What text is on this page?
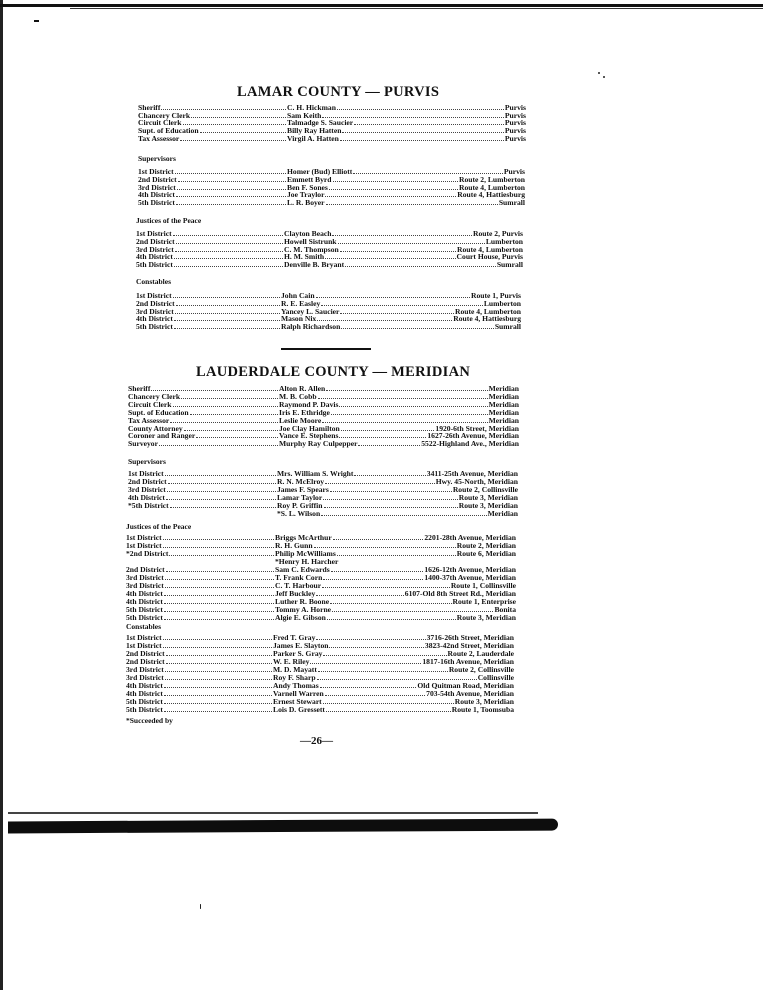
LAMAR COUNTY — PURVIS
Sheriff	C. H. Hickman	Purvis
Chancery Clerk	Sam Keith	Purvis
Circuit Clerk	Talmadge S. Saucier	Purvis
Supt. of Education	Billy Ray Hatten	Purvis
Tax Assessor	Virgil A. Hatten	Purvis
Supervisors
1st District	Homer (Bud) Elliott	Purvis
2nd District	Emmett Byrd	Route 2, Lumberton
3rd District	Ben F. Sones	Route 4, Lumberton
4th District	Joe Traylor	Route 4, Hattiesburg
5th District	L. R. Boyer	Sumrall
Justices of the Peace
1st District	Clayton Beach	Route 2, Purvis
2nd District	Howell Sistrunk	Lumberton
3rd District	C. M. Thompson	Route 4, Lumberton
4th District	H. M. Smith	Court House, Purvis
5th District	Denville B. Bryant	Sumrall
Constables
1st District	John Cain	Route 1, Purvis
2nd District	R. E. Easley	Lumberton
3rd District	Yancey L. Saucier	Route 4, Lumberton
4th District	Mason Nix	Route 4, Hattiesburg
5th District	Ralph Richardson	Sumrall
LAUDERDALE COUNTY — MERIDIAN
Sheriff	Alton R. Allen	Meridian
Chancery Clerk	M. B. Cobb	Meridian
Circuit Clerk	Raymond P. Davis	Meridian
Supt. of Education	Iris E. Ethridge	Meridian
Tax Assessor	Leslie Moore	Meridian
County Attorney	Joe Clay Hamilton	1920-6th Street, Meridian
Coroner and Ranger	Vance E. Stephens	1627-26th Avenue, Meridian
Surveyor	Murphy Ray Culpepper	5522-Highland Ave., Meridian
Supervisors
1st District	Mrs. William S. Wright	3411-25th Avenue, Meridian
2nd District	R. N. McElroy	Hwy. 45-North, Meridian
3rd District	James F. Spears	Route 2, Collinsville
4th District	Lamar Taylor	Route 3, Meridian
*5th District	Roy P. Griffin	Route 3, Meridian
*S. L. Wilson	Meridian
Justices of the Peace
1st District	Briggs McArthur	2201-28th Avenue, Meridian
1st District	R. H. Gunn	Route 2, Meridian
*2nd District	Philip McWilliams	Route 6, Meridian
*Henry H. Harcher
2nd District	Sam C. Edwards	1626-12th Avenue, Meridian
3rd District	T. Frank Corn	1400-37th Avenue, Meridian
3rd District	C. T. Harbour	Route 1, Collinsville
4th District	Jeff Buckley	6107-Old 8th Street Rd., Meridian
4th District	Luther R. Boone	Route 1, Enterprise
5th District	Tommy A. Horne	Bonita
5th District	Algie E. Gibson	Route 3, Meridian
Constables
1st District	Fred T. Gray	3716-26th Street, Meridian
1st District	James E. Slayton	3823-42nd Street, Meridian
2nd District	Parker S. Gray	Route 2, Lauderdale
2nd District	W. E. Riley	1817-16th Avenue, Meridian
3rd District	M. D. Mayatt	Route 2, Collinsville
3rd District	Roy F. Sharp	Collinsville
4th District	Andy Thomas	Old Quitman Road, Meridian
4th District	Varnell Warren	703-54th Avenue, Meridian
5th District	Ernest Stewart	Route 3, Meridian
5th District	Lois D. Gressett	Route 1, Toomsuba
*Succeeded by
—26—
